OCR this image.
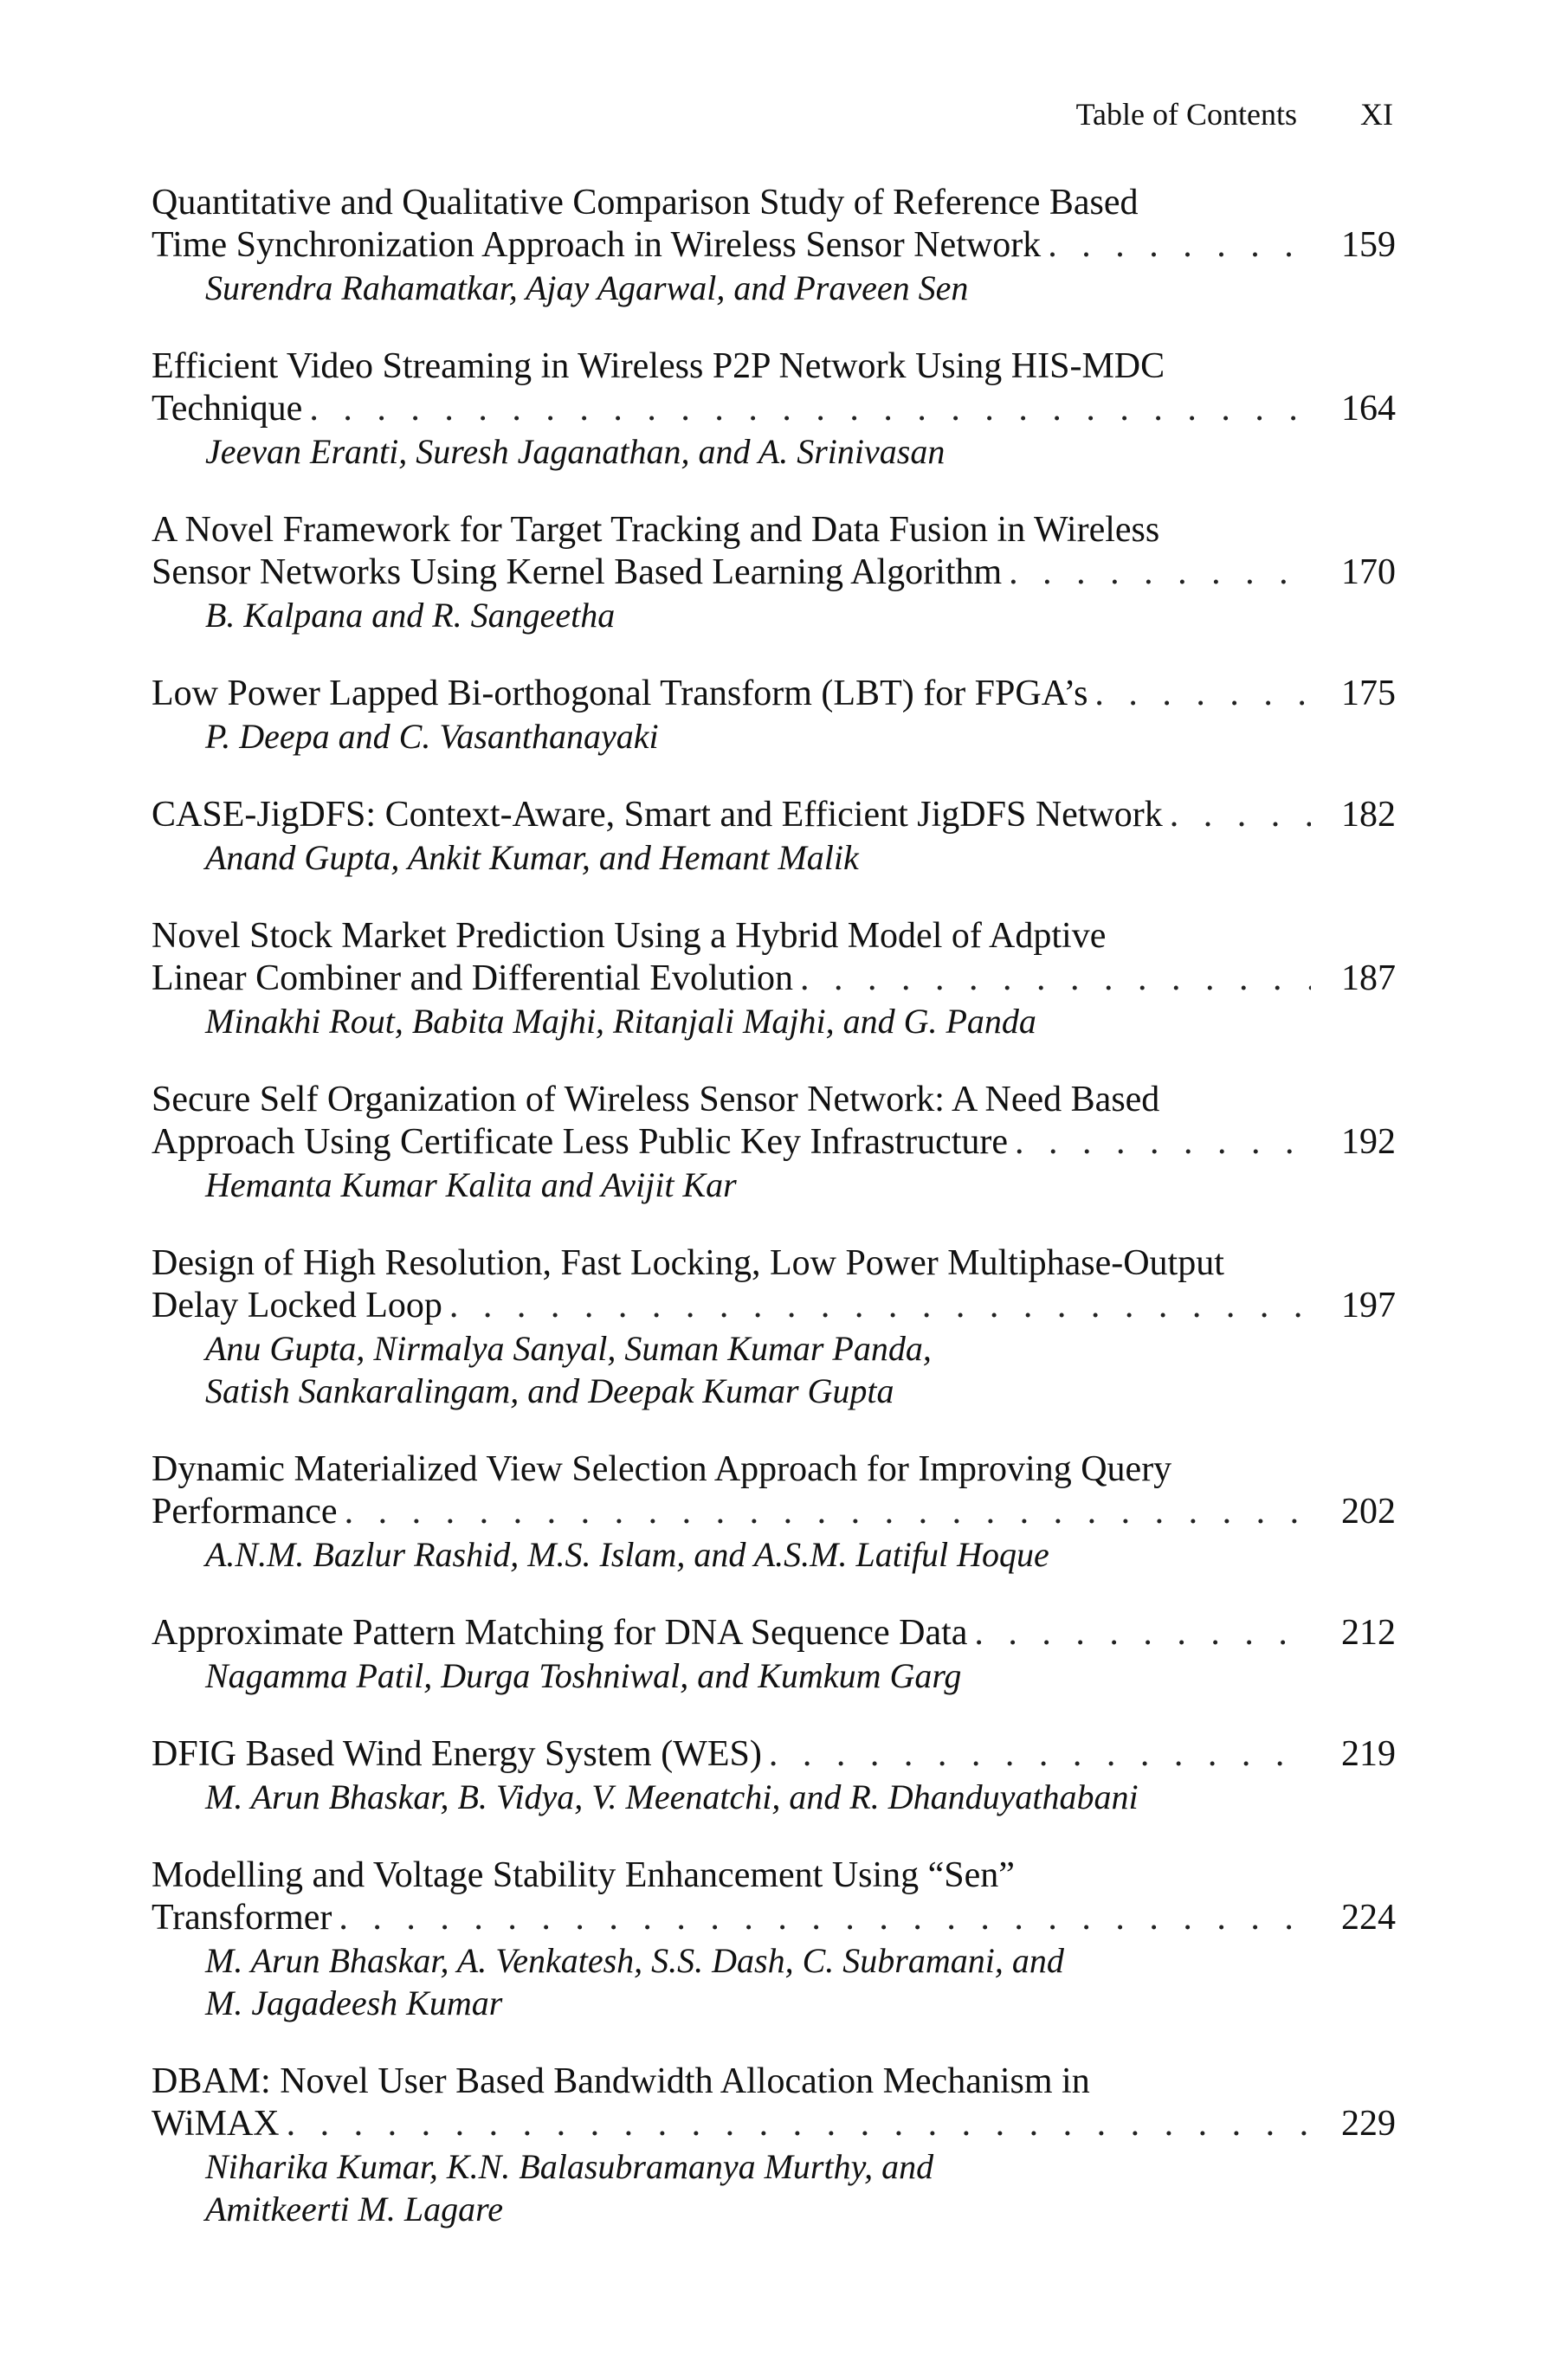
Table of Contents XI
Quantitative and Qualitative Comparison Study of Reference Based
Time Synchronization Approach in Wireless Sensor Network . . .	159
Surendra Rahamatkar, Ajay Agarwal, and Praveen Sen
Efficient Video Streaming in Wireless P2P Network Using HIS-MDC
Technique . . .	164
Jeevan Eranti, Suresh Jaganathan, and A. Srinivasan
A Novel Framework for Target Tracking and Data Fusion in Wireless
Sensor Networks Using Kernel Based Learning Algorithm . . .	170
B. Kalpana and R. Sangeetha
Low Power Lapped Bi-orthogonal Transform (LBT) for FPGA’s . . .	175
P. Deepa and C. Vasanthanayaki
CASE-JigDFS: Context-Aware, Smart and Efficient JigDFS Network . . .	182
Anand Gupta, Ankit Kumar, and Hemant Malik
Novel Stock Market Prediction Using a Hybrid Model of Adptive
Linear Combiner and Differential Evolution . . .	187
Minakhi Rout, Babita Majhi, Ritanjali Majhi, and G. Panda
Secure Self Organization of Wireless Sensor Network: A Need Based
Approach Using Certificate Less Public Key Infrastructure . . .	192
Hemanta Kumar Kalita and Avijit Kar
Design of High Resolution, Fast Locking, Low Power Multiphase-Output
Delay Locked Loop . . .	197
Anu Gupta, Nirmalya Sanyal, Suman Kumar Panda,
Satish Sankaralingam, and Deepak Kumar Gupta
Dynamic Materialized View Selection Approach for Improving Query
Performance . . .	202
A.N.M. Bazlur Rashid, M.S. Islam, and A.S.M. Latiful Hoque
Approximate Pattern Matching for DNA Sequence Data . . .	212
Nagamma Patil, Durga Toshniwal, and Kumkum Garg
DFIG Based Wind Energy System (WES) . . .	219
M. Arun Bhaskar, B. Vidya, V. Meenatchi, and R. Dhanduyathabani
Modelling and Voltage Stability Enhancement Using “Sen”
Transformer . . .	224
M. Arun Bhaskar, A. Venkatesh, S.S. Dash, C. Subramani, and
M. Jagadeesh Kumar
DBAM: Novel User Based Bandwidth Allocation Mechanism in
WiMAX . . .	229
Niharika Kumar, K.N. Balasubramanya Murthy, and
Amitkeerti M. Lagare
